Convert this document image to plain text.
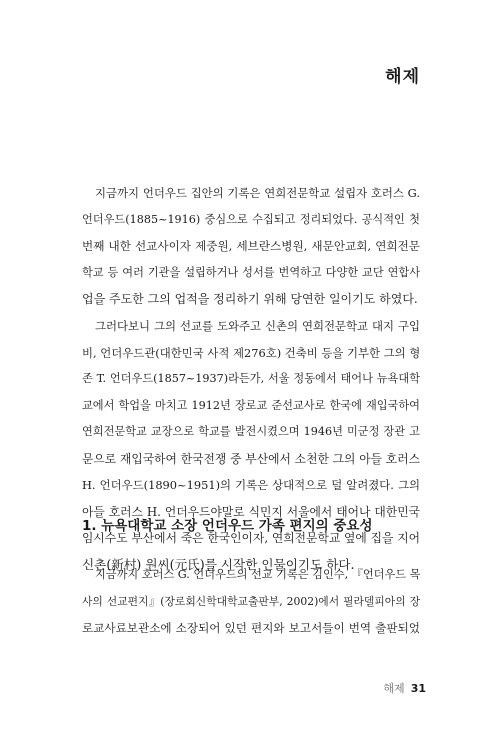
해제
지금까지 언더우드 집안의 기록은 연희전문학교 설립자 호러스 G.
언더우드(1885~1916) 중심으로 수집되고 정리되었다. 공식적인 첫
번째 내한 선교사이자 제중원, 세브란스병원, 새문안교회, 연희전문
학교 등 여러 기관을 설립하거나 성서를 번역하고 다양한 교단 연합사
업을 주도한 그의 업적을 정리하기 위해 당연한 일이기도 하였다.
그러다보니 그의 선교를 도와주고 신촌의 연희전문학교 대지 구입
비, 언더우드관(대한민국 사적 제276호) 건축비 등을 기부한 그의 형
존 T. 언더우드(1857~1937)라든가, 서울 정동에서 태어나 뉴욕대학
교에서 학업을 마치고 1912년 장로교 준선교사로 한국에 재입국하여
연희전문학교 교장으로 학교를 발전시켰으며 1946년 미군정 장관 고
문으로 재입국하여 한국전쟁 중 부산에서 소천한 그의 아들 호러스
H. 언더우드(1890~1951)의 기록은 상대적으로 덜 알려졌다. 그의
아들 호러스 H. 언더우드야말로 식민지 서울에서 태어나 대한민국
임시수도 부산에서 죽은 한국인이자, 연희전문학교 옆에 집을 지어
신촌(新村) 원씨(元氏)를 시작한 인물이기도 하다.
1. 뉴욕대학교 소장 언더우드 가족 편지의 중요성
지금까지 호러스 G. 언더우드의 선교 기록은 김인수, 『언더우드 목
사의 선교편지』(장로회신학대학교출판부, 2002)에서 필라델피아의 장
로교사료보관소에 소장되어 있던 편지와 보고서들이 번역 출판되었
해제 31
